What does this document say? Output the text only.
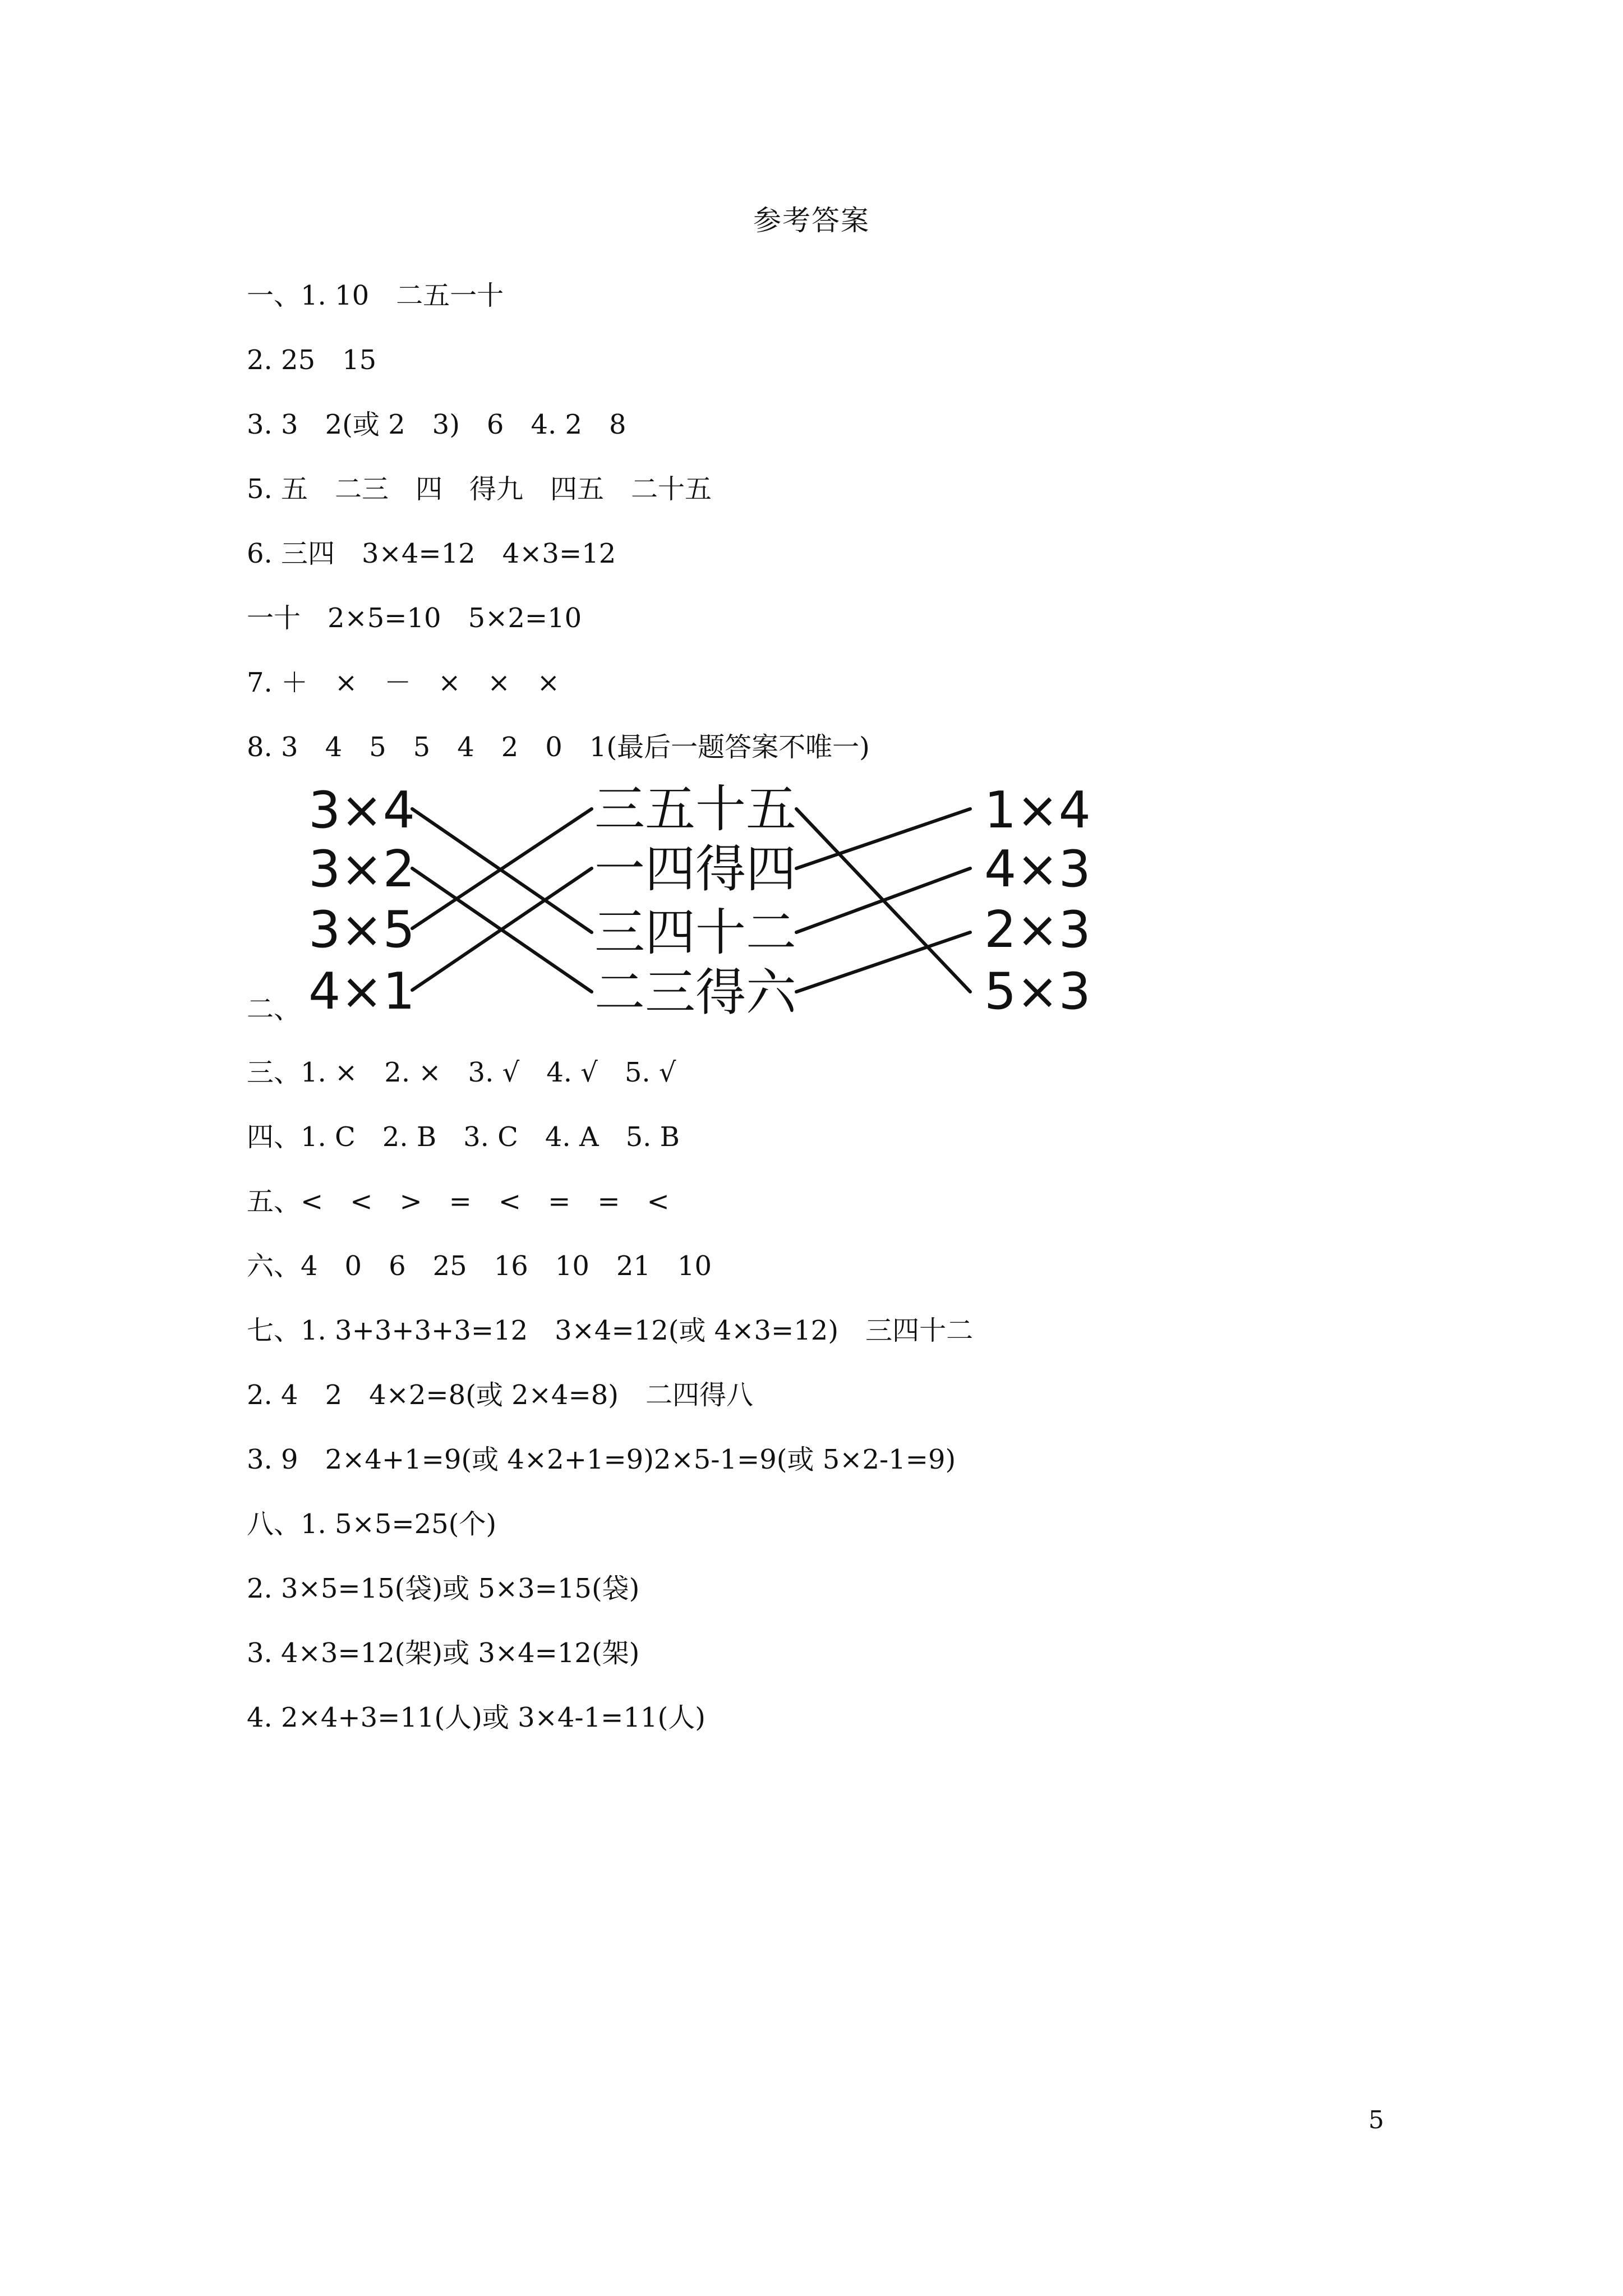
参考答案
一、1. 10　二五一十
2. 25　15
3. 3　2(或 2　3)　6　4. 2　8
5. 五　二三　四　得九　四五　二十五
6. 三四　3×4=12　4×3=12
一十　2×5=10　5×2=10
7. ＋　×　－　×　×　×
8. 3　4　5　5　4　2　0　1(最后一题答案不唯一)
二、
3×4
3×2
3×5
4×1
三五十五
一四得四
三四十二
二三得六
1×4
4×3
2×3
5×3
三、1. ×　2. ×　3. √　4. √　5. √
四、1. C　2. B　3. C　4. A　5. B
五、<　<　>　=　<　=　=　<
六、4　0　6　25　16　10　21　10
七、1. 3+3+3+3=12　3×4=12(或 4×3=12)　三四十二
2. 4　2　4×2=8(或 2×4=8)　二四得八
3. 9　2×4+1=9(或 4×2+1=9)2×5-1=9(或 5×2-1=9)
八、1. 5×5=25(个)
2. 3×5=15(袋)或 5×3=15(袋)
3. 4×3=12(架)或 3×4=12(架)
4. 2×4+3=11(人)或 3×4-1=11(人)
5
